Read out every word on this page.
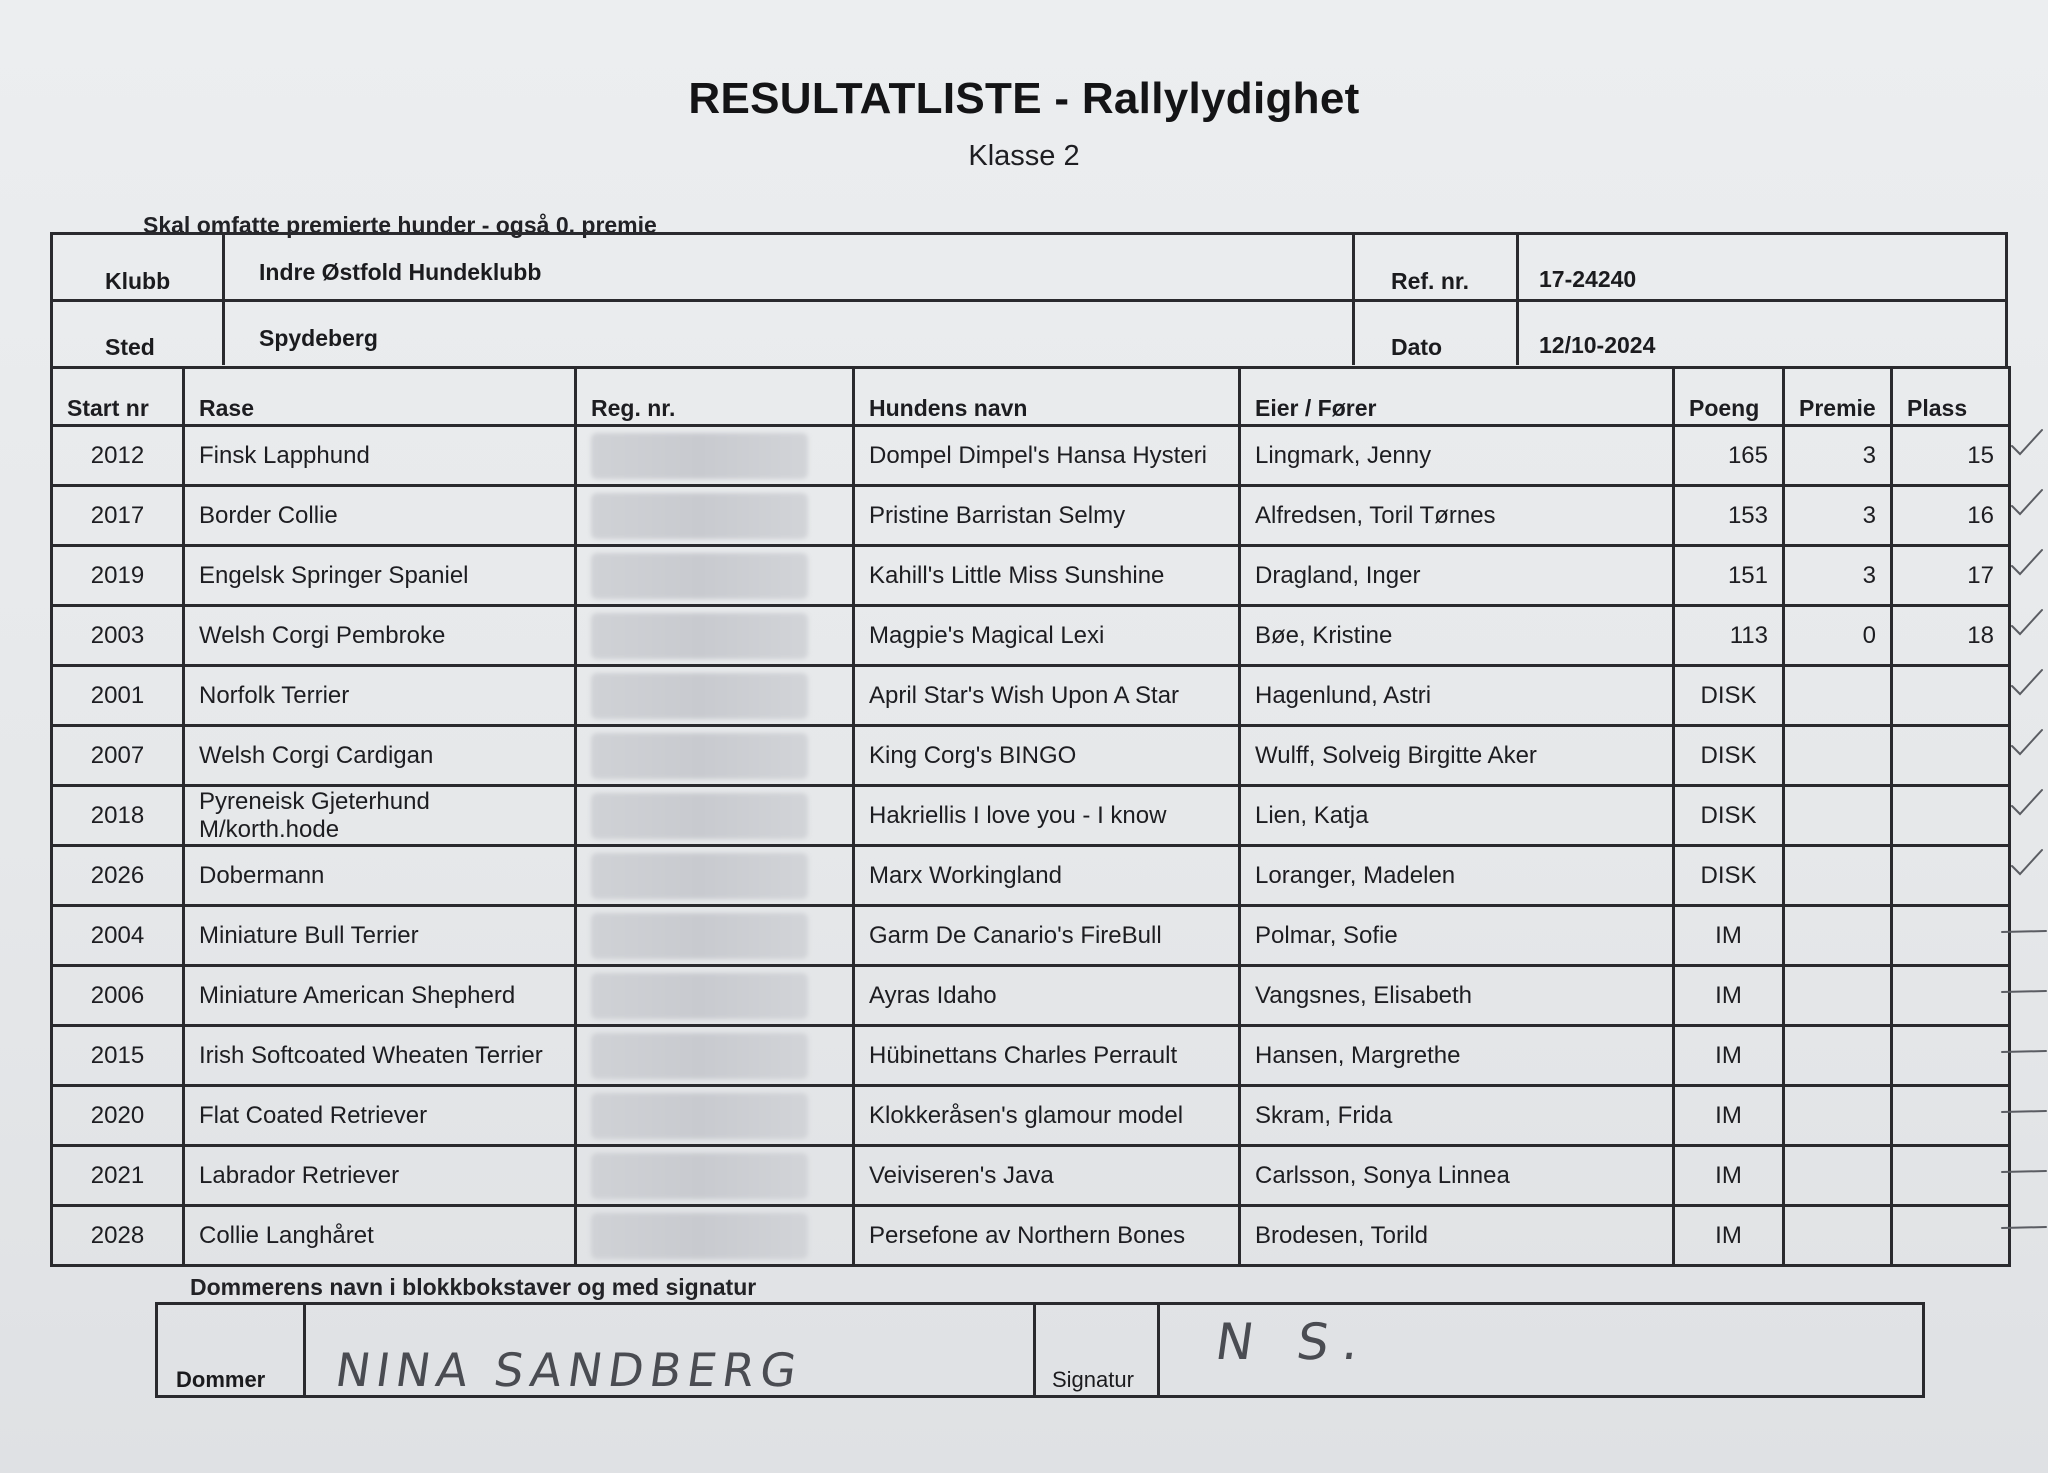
RESULTATLISTE - Rallylydighet
Klasse 2
Skal omfatte premierte hunder - også 0. premie
Klubb	Indre Østfold Hundeklubb	Ref. nr.	17-24240
Sted	Spydeberg	Dato	12/10-2024
Start nr	Rase	Reg. nr.	Hundens navn	Eier / Fører	Poeng	Premie	Plass
2012	Finsk Lapphund		Dompel Dimpel's Hansa Hysteri	Lingmark, Jenny	165	3	15
2017	Border Collie		Pristine Barristan Selmy	Alfredsen, Toril Tørnes	153	3	16
2019	Engelsk Springer Spaniel		Kahill's Little Miss Sunshine	Dragland, Inger	151	3	17
2003	Welsh Corgi Pembroke		Magpie's Magical Lexi	Bøe, Kristine	113	0	18
2001	Norfolk Terrier		April Star's Wish Upon A Star	Hagenlund, Astri	DISK		
2007	Welsh Corgi Cardigan		King Corg's BINGO	Wulff, Solveig Birgitte Aker	DISK		
2018	Pyreneisk Gjeterhund M/korth.hode		Hakriellis I love you - I know	Lien, Katja	DISK		
2026	Dobermann		Marx Workingland	Loranger, Madelen	DISK		
2004	Miniature Bull Terrier		Garm De Canario's FireBull	Polmar, Sofie	IM		
2006	Miniature American Shepherd		Ayras Idaho	Vangsnes, Elisabeth	IM		
2015	Irish Softcoated Wheaten Terrier		Hübinettans Charles Perrault	Hansen, Margrethe	IM		
2020	Flat Coated Retriever		Klokkeråsen's glamour model	Skram, Frida	IM		
2021	Labrador Retriever		Veiviseren's Java	Carlsson, Sonya Linnea	IM		
2028	Collie Langhåret		Persefone av Northern Bones	Brodesen, Torild	IM		
Dommerens navn i blokkbokstaver og med signatur
Dommer NINA SANDBERG	Signatur
N S.
